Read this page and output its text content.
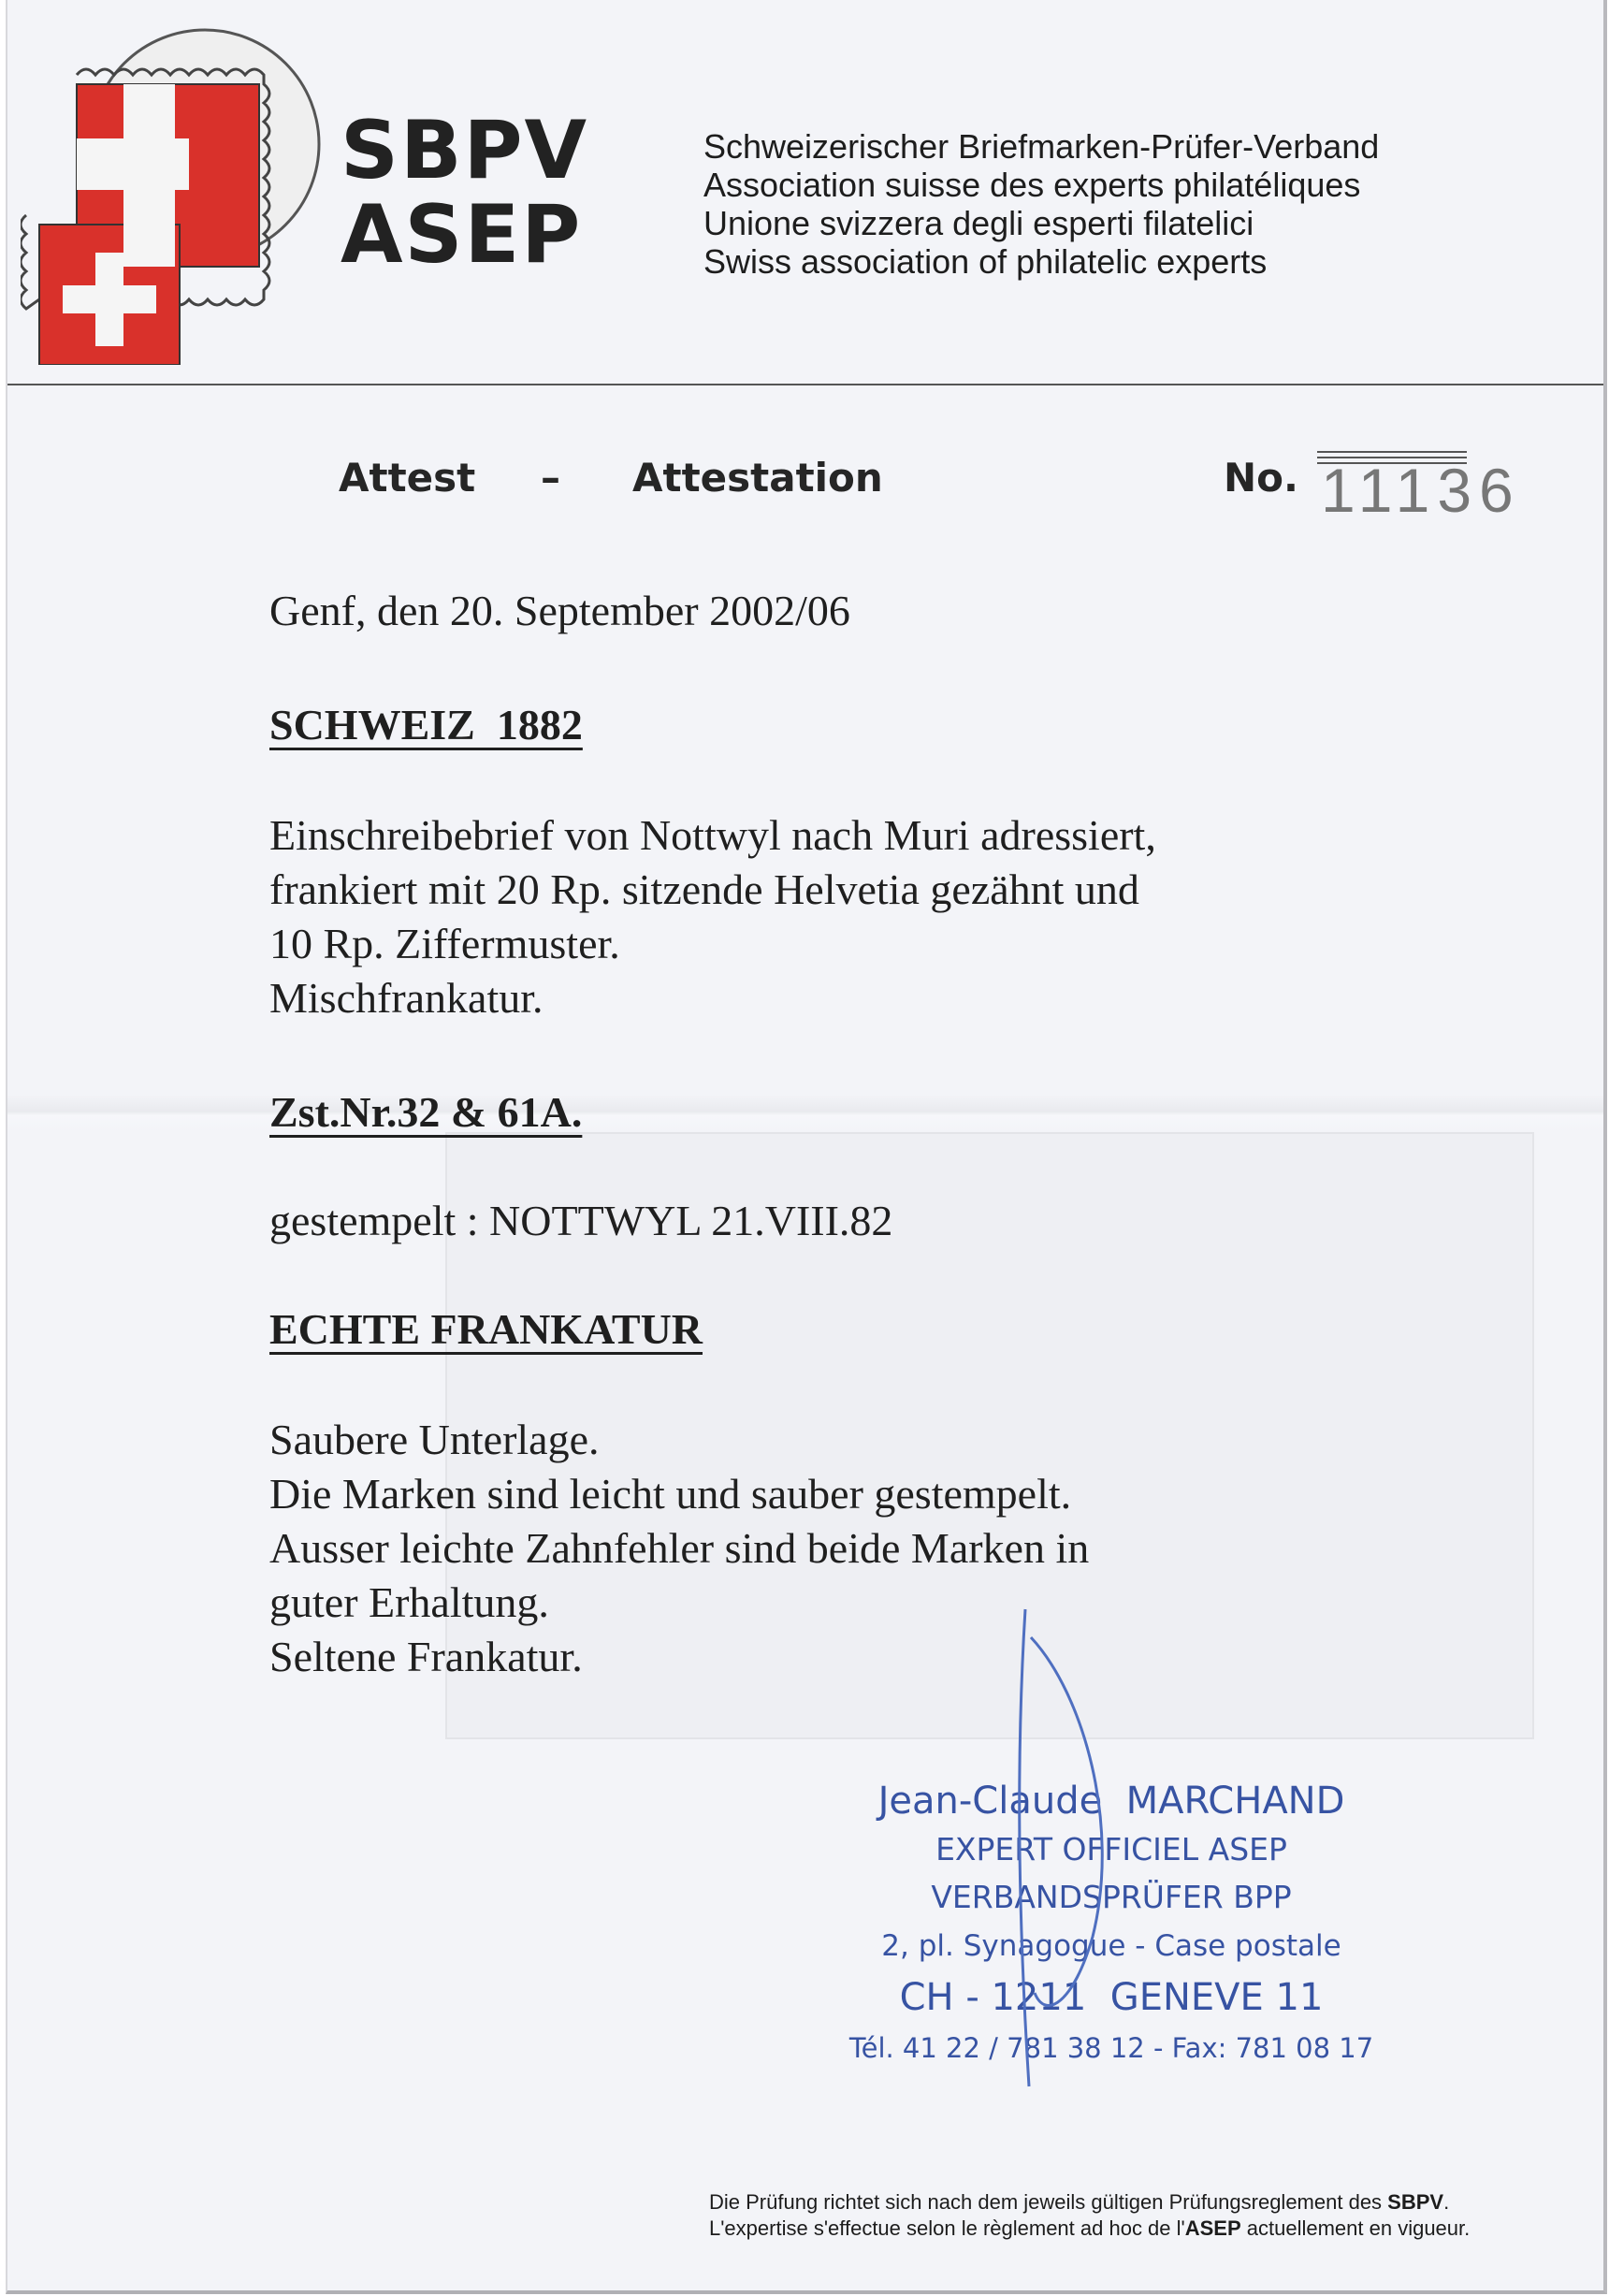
SBPV
ASEP
Schweizerischer Briefmarken-Prüfer-Verband
Association suisse des experts philatéliques
Unione svizzera degli esperti filatelici
Swiss association of philatelic experts
Attest – Attestation	No. 11136
Genf, den 20. September 2002/06
SCHWEIZ  1882
Einschreibebrief von Nottwyl nach Muri adressiert,
frankiert mit 20 Rp. sitzende Helvetia gezähnt und
10 Rp. Ziffermuster.
Mischfrankatur.
Zst.Nr.32 & 61A.
gestempelt : NOTTWYL 21.VIII.82
ECHTE FRANKATUR
Saubere Unterlage.
Die Marken sind leicht und sauber gestempelt.
Ausser leichte Zahnfehler sind beide Marken in
guter Erhaltung.
Seltene Frankatur.
Jean-Claude  MARCHAND
EXPERT OFFICIEL ASEP
VERBANDSPRÜFER BPP
2, pl. Synagogue - Case postale
CH - 1211  GENEVE 11
Tél. 41 22 / 781 38 12 - Fax: 781 08 17
Die Prüfung richtet sich nach dem jeweils gültigen Prüfungsreglement des SBPV.
L'expertise s'effectue selon le règlement ad hoc de l'ASEP actuellement en vigueur.
